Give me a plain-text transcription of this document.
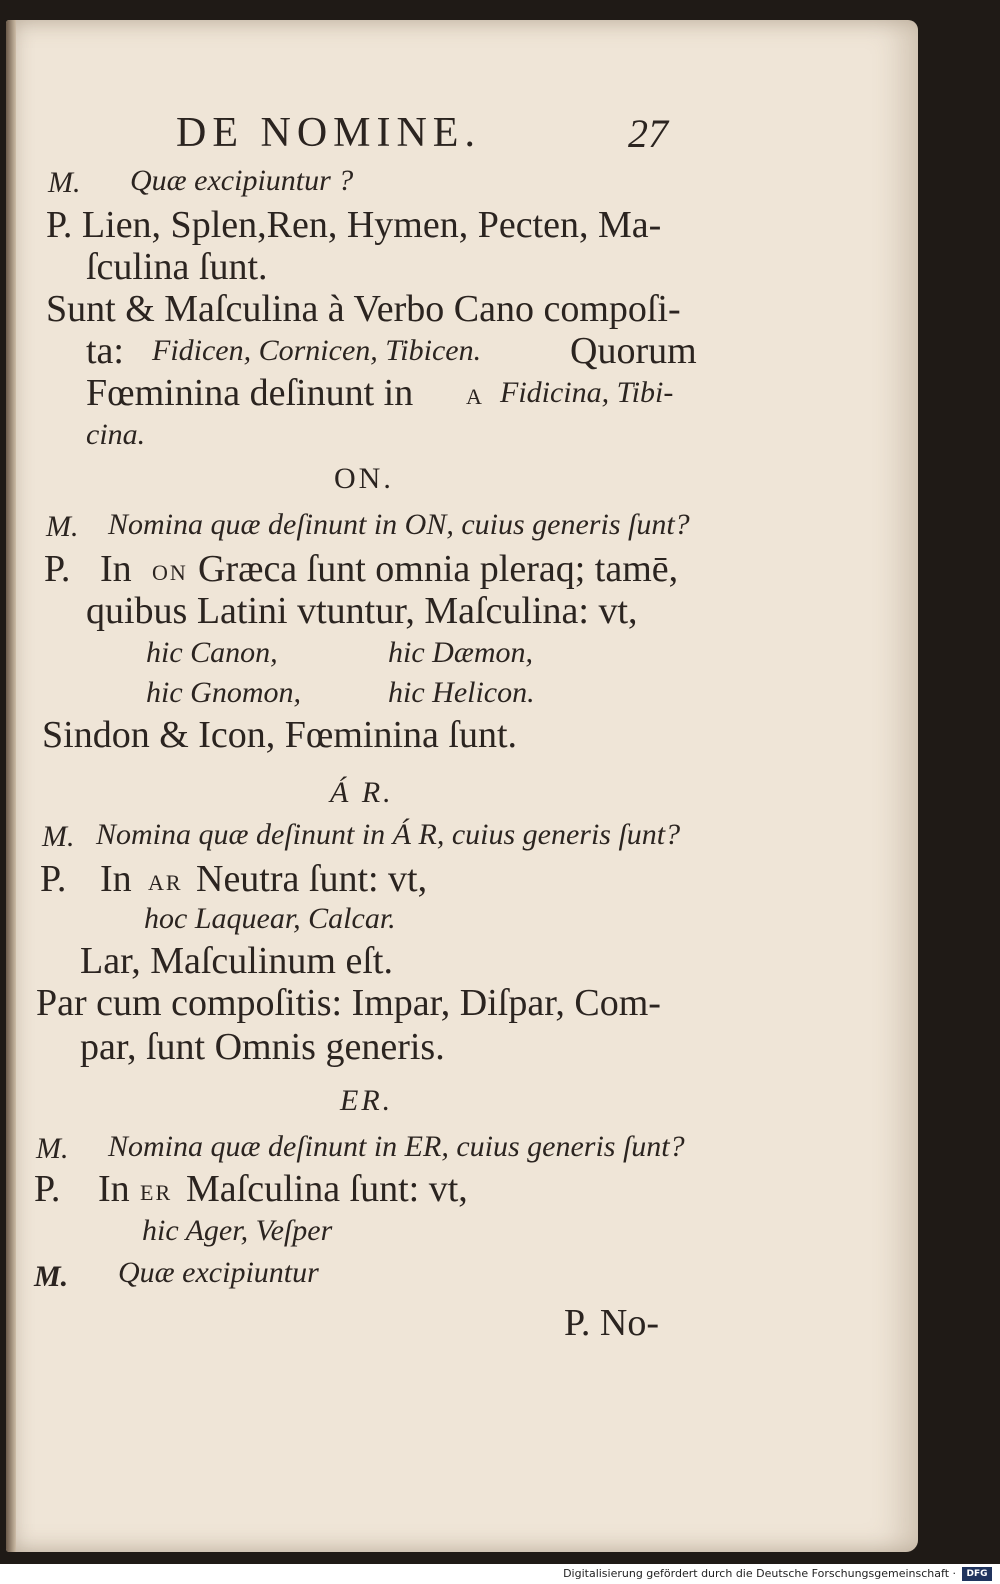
DE NOMINE.	27
M. Quæ excipiuntur ?
P. Lien, Splen,Ren, Hymen, Pecten, Ma-
ſculina ſunt.
Sunt & Maſculina à Verbo Cano compoſi-
ta: Fidicen, Cornicen, Tibicen. Quorum
Fœminina deſinunt in A Fidicina, Tibi-
cina.
ON.
M. Nomina quæ deſinunt in ON, cuius generis ſunt?
P. In ON Græca ſunt omnia pleraq; tamē,
quibus Latini vtuntur, Maſculina: vt,
hic Canon,	hic Dæmon,
hic Gnomon,	hic Helicon.
Sindon & Icon, Fœminina ſunt.
Á R.
M. Nomina quæ deſinunt in Á R, cuius generis ſunt?
P. In AR Neutra ſunt: vt,
hoc Laquear, Calcar.
Lar, Maſculinum eſt.
Par cum compoſitis: Impar, Diſpar, Com-
par, ſunt Omnis generis.
ER.
M. Nomina quæ deſinunt in ER, cuius generis ſunt?
P. In ER Maſculina ſunt: vt,
hic Ager, Veſper
M. Quæ excipiuntur
P. No-
Digitalisierung gefördert durch die Deutsche Forschungsgemeinschaft ·	DFG
